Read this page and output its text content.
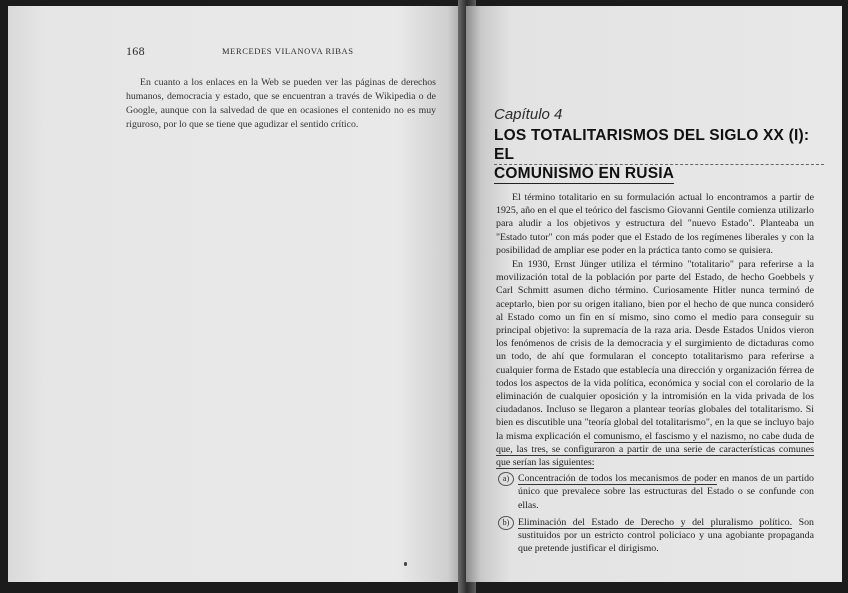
168	MERCEDES VILANOVA RIBAS

En cuanto a los enlaces en la Web se pueden ver las páginas de derechos humanos, democracia y estado, que se encuentran a través de Wikipedia o de Google, aunque con la salvedad de que en ocasiones el contenido no es muy riguroso, por lo que se tiene que agudizar el sentido crítico.

Capítulo 4
LOS TOTALITARISMOS DEL SIGLO XX (I): EL
COMUNISMO EN RUSIA

El término totalitario en su formulación actual lo encontramos a partir de 1925, año en el que el teórico del fascismo Giovanni Gentile comienza utilizarlo para aludir a los objetivos y estructura del "nuevo Estado". Planteaba un "Estado tutor" con más poder que el Estado de los regímenes liberales y con la posibilidad de ampliar ese poder en la práctica tanto como se quisiera.

En 1930, Ernst Jünger utiliza el término "totalitario" para referirse a la movilización total de la población por parte del Estado, de hecho Goebbels y Carl Schmitt asumen dicho término. Curiosamente Hitler nunca terminó de aceptarlo, bien por su origen italiano, bien por el hecho de que nunca consideró al Estado como un fin en sí mismo, sino como el medio para conseguir su principal objetivo: la supremacía de la raza aria. Desde Estados Unidos vieron los fenómenos de crisis de la democracia y el surgimiento de dictaduras como un todo, de ahí que formularan el concepto totalitarismo para referirse a cualquier forma de Estado que establecía una dirección y organización férrea de todos los aspectos de la vida política, económica y social con el corolario de la eliminación de cualquier oposición y la intromisión en la vida privada de los ciudadanos. Incluso se llegaron a plantear teorías globales del totalitarismo. Si bien es discutible una "teoría global del totalitarismo", en la que se incluyo bajo la misma explicación el comunismo, el fascismo y el nazismo, no cabe duda de que, las tres, se configuraron a partir de una serie de características comunes que serían las siguientes:

a) Concentración de todos los mecanismos de poder en manos de un partido único que prevalece sobre las estructuras del Estado o se confunde con ellas.
b) Eliminación del Estado de Derecho y del pluralismo político. Son sustituidos por un estricto control policiaco y una agobiante propaganda que pretende justificar el dirigismo.
